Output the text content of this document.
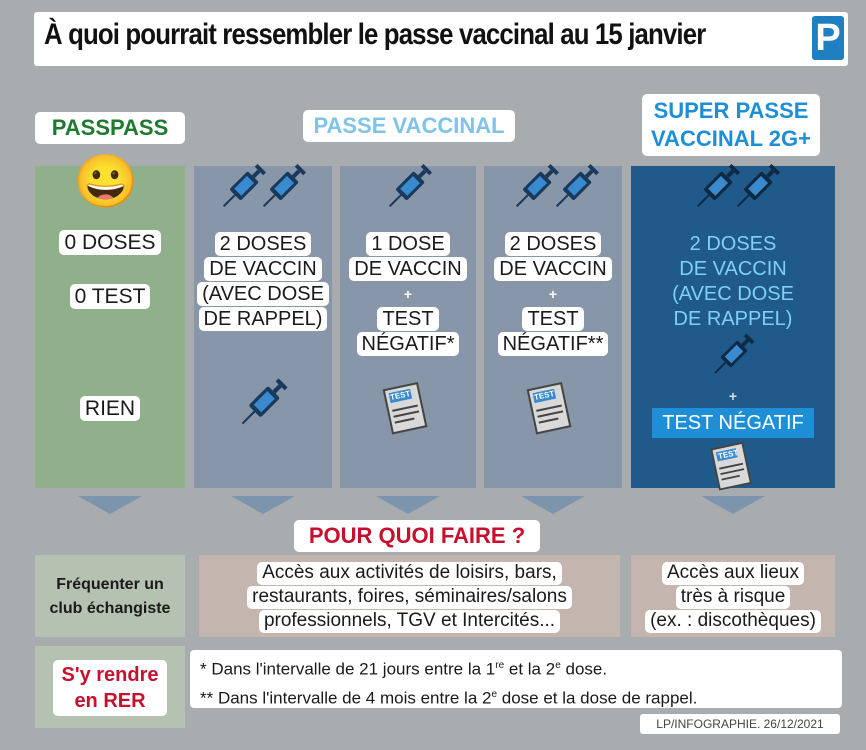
À quoi pourrait ressembler le passe vaccinal au 15 janvier	P
PASSPASS	PASSE VACCINAL
SUPER PASSE
VACCINAL 2G+
😀
0 DOSES
0 TEST
RIEN
2 DOSES
DE VACCIN
(AVEC DOSE
DE RAPPEL)
1 DOSE
DE VACCIN
+
TEST
NÉGATIF*
TEST
2 DOSES
DE VACCIN
+
TEST
NÉGATIF**
TEST
2 DOSES
DE VACCIN
(AVEC DOSE
DE RAPPEL)
+
TEST NÉGATIF
TEST
POUR QUOI FAIRE ?
Fréquenter un
club échangiste
Accès aux activités de loisirs, bars,
restaurants, foires, séminaires/salons
professionnels, TGV et Intercités...
Accès aux lieux
très à risque
(ex. : discothèques)
S'y rendre
en RER
* Dans l'intervalle de 21 jours entre la 1re et la 2e dose.
** Dans l'intervalle de 4 mois entre la 2e dose et la dose de rappel.
LP/INFOGRAPHIE. 26/12/2021
